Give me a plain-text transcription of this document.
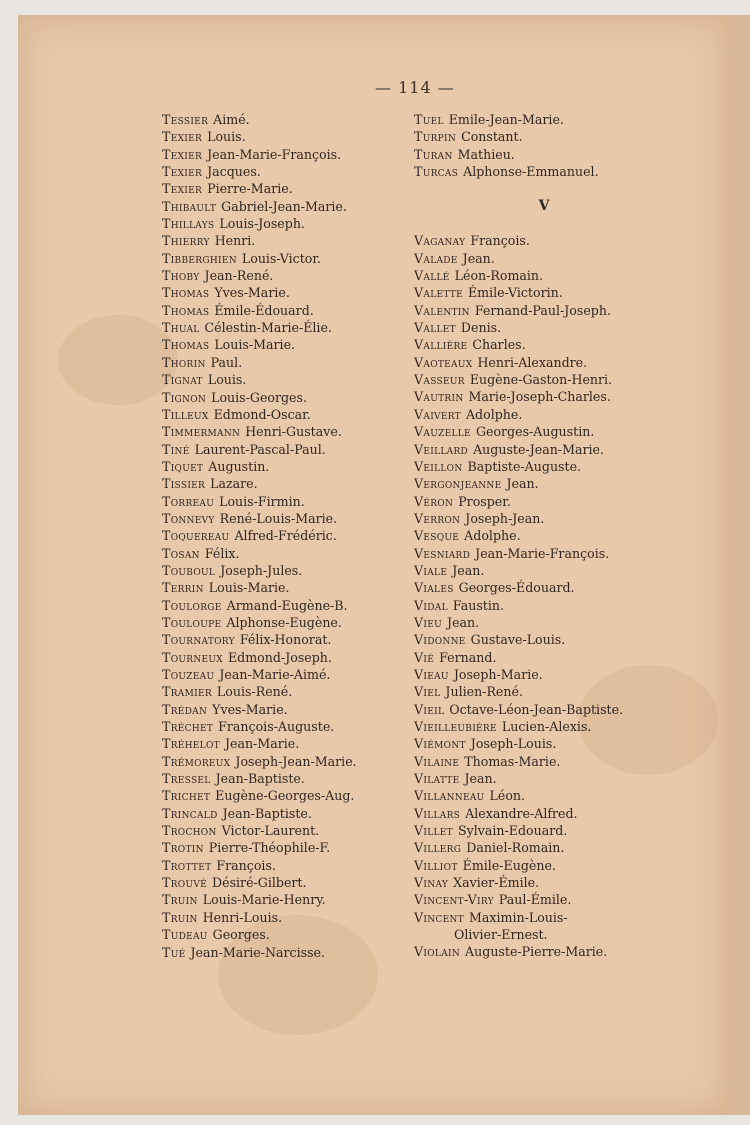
— 114 —
Tessier Aimé.
Texier Louis.
Texier Jean-Marie-François.
Texier Jacques.
Texier Pierre-Marie.
Thibault Gabriel-Jean-Marie.
Thillays Louis-Joseph.
Thierry Henri.
Tibberghien Louis-Victor.
Thoby Jean-René.
Thomas Yves-Marie.
Thomas Émile-Édouard.
Thual Célestin-Marie-Élie.
Thomas Louis-Marie.
Thorin Paul.
Tignat Louis.
Tignon Louis-Georges.
Tilleux Edmond-Oscar.
Timmermann Henri-Gustave.
Tiné Laurent-Pascal-Paul.
Tiquet Augustin.
Tissier Lazare.
Torreau Louis-Firmin.
Tonnevy René-Louis-Marie.
Toquereau Alfred-Frédéric.
Tosan Félix.
Touboul Joseph-Jules.
Terrin Louis-Marie.
Toulorge Armand-Eugène-B.
Touloupe Alphonse-Eugène.
Tournatory Félix-Honorat.
Tourneux Edmond-Joseph.
Touzeau Jean-Marie-Aimé.
Tramier Louis-René.
Trédan Yves-Marie.
Tréchet François-Auguste.
Tréhelot Jean-Marie.
Trémoreux Joseph-Jean-Marie.
Tressel Jean-Baptiste.
Trichet Eugène-Georges-Aug.
Trincald Jean-Baptiste.
Trochon Victor-Laurent.
Trotin Pierre-Théophile-F.
Trottet François.
Trouvé Désiré-Gilbert.
Truin Louis-Marie-Henry.
Truin Henri-Louis.
Tudeau Georges.
Tué Jean-Marie-Narcisse.
Tuel Emile-Jean-Marie.
Turpin Constant.
Turan Mathieu.
Turcas Alphonse-Emmanuel.
V
Vaganay François.
Valade Jean.
Vallé Léon-Romain.
Valette Émile-Victorin.
Valentin Fernand-Paul-Joseph.
Vallet Denis.
Vallière Charles.
Vaoteaux Henri-Alexandre.
Vasseur Eugène-Gaston-Henri.
Vautrin Marie-Joseph-Charles.
Vaivert Adolphe.
Vauzelle Georges-Augustin.
Veillard Auguste-Jean-Marie.
Veillon Baptiste-Auguste.
Vergonjeanne Jean.
Véron Prosper.
Verron Joseph-Jean.
Vesque Adolphe.
Vesniard Jean-Marie-François.
Viale Jean.
Viales Georges-Édouard.
Vidal Faustin.
Vieu Jean.
Vidonne Gustave-Louis.
Vié Fernand.
Vieau Joseph-Marie.
Viel Julien-René.
Vieil Octave-Léon-Jean-Baptiste.
Vieilleubière Lucien-Alexis.
Viémont Joseph-Louis.
Vilaine Thomas-Marie.
Vilatte Jean.
Villanneau Léon.
Villars Alexandre-Alfred.
Villet Sylvain-Edouard.
Villerg Daniel-Romain.
Villiot Émile-Eugène.
Vinay Xavier-Émile.
Vincent-Viry Paul-Émile.
Vincent Maximin-Louis-
Olivier-Ernest.
Violain Auguste-Pierre-Marie.
